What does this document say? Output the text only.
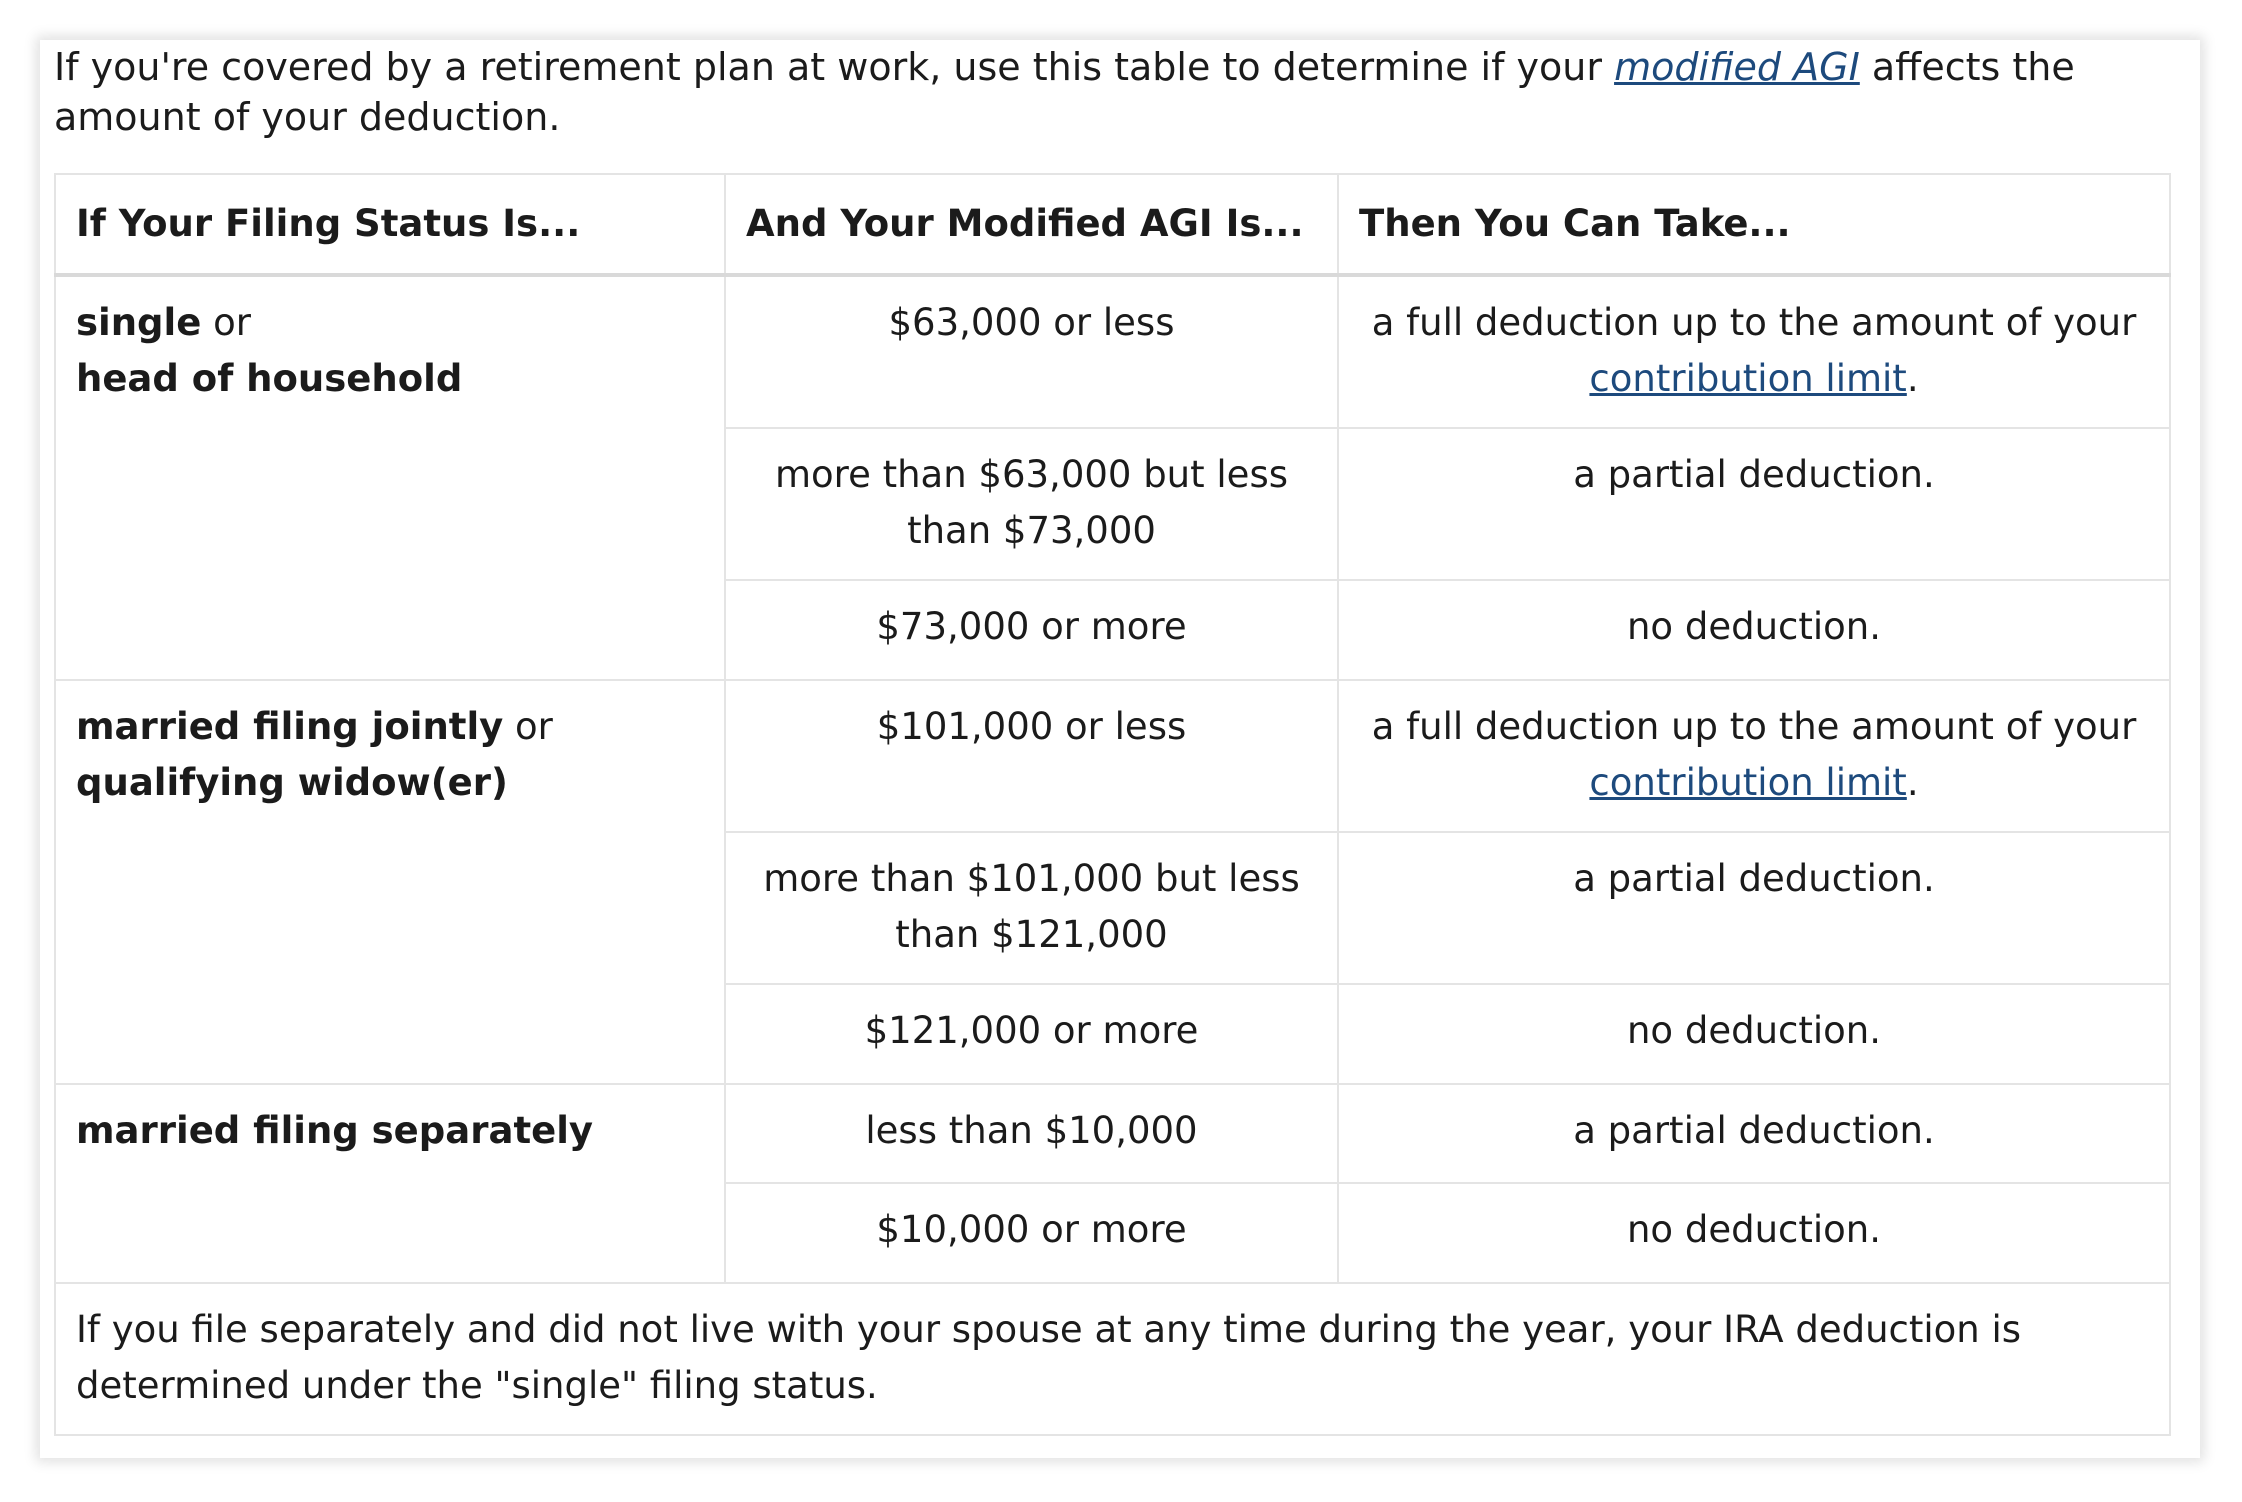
If you're covered by a retirement plan at work, use this table to determine if your modified AGI affects the amount of your deduction.

If Your Filing Status Is...	And Your Modified AGI Is...	Then You Can Take...
single or
head of household	$63,000 or less	a full deduction up to the amount of your contribution limit.
	more than $63,000 but less than $73,000	a partial deduction.
	$73,000 or more	no deduction.
married filing jointly or qualifying widow(er)	$101,000 or less	a full deduction up to the amount of your contribution limit.
	more than $101,000 but less than $121,000	a partial deduction.
	$121,000 or more	no deduction.
married filing separately	less than $10,000	a partial deduction.
	$10,000 or more	no deduction.
If you file separately and did not live with your spouse at any time during the year, your IRA deduction is determined under the "single" filing status.		
